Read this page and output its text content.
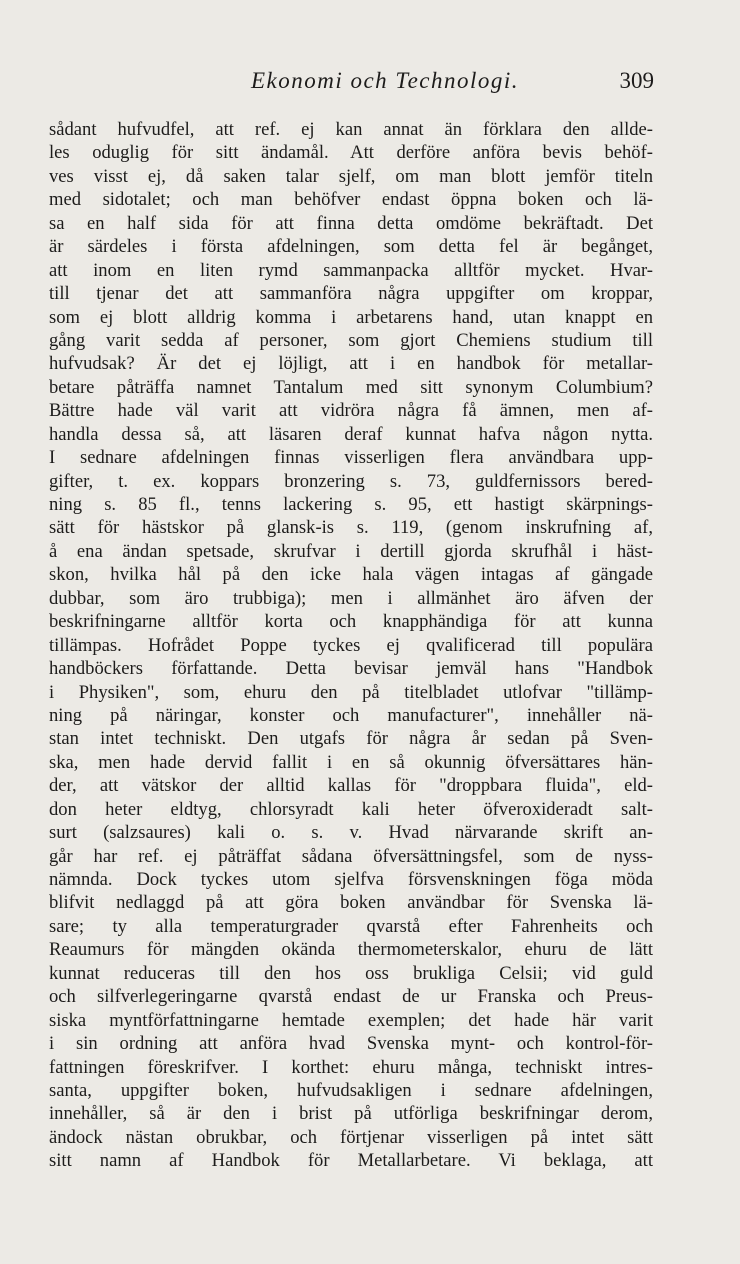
Ekonomi och Technologi.	309
sådant hufvudfel, att ref. ej kan annat än förklara den allde-
les oduglig för sitt ändamål. Att derföre anföra bevis behöf-
ves visst ej, då saken talar sjelf, om man blott jemför titeln
med sidotalet; och man behöfver endast öppna boken och lä-
sa en half sida för att finna detta omdöme bekräftadt. Det
är särdeles i första afdelningen, som detta fel är begånget,
att inom en liten rymd sammanpacka alltför mycket. Hvar-
till tjenar det att sammanföra några uppgifter om kroppar,
som ej blott alldrig komma i arbetarens hand, utan knappt en
gång varit sedda af personer, som gjort Chemiens studium till
hufvudsak? Är det ej löjligt, att i en handbok för metallar-
betare påträffa namnet Tantalum med sitt synonym Columbium?
Bättre hade väl varit att vidröra några få ämnen, men af-
handla dessa så, att läsaren deraf kunnat hafva någon nytta.
I sednare afdelningen finnas visserligen flera användbara upp-
gifter, t. ex. koppars bronzering s. 73, guldfernissors bered-
ning s. 85 fl., tenns lackering s. 95, ett hastigt skärpnings-
sätt för hästskor på glansk-is s. 119, (genom inskrufning af,
å ena ändan spetsade, skrufvar i dertill gjorda skrufhål i häst-
skon, hvilka hål på den icke hala vägen intagas af gängade
dubbar, som äro trubbiga); men i allmänhet äro äfven der
beskrifningarne alltför korta och knapphändiga för att kunna
tillämpas. Hofrådet Poppe tyckes ej qvalificerad till populära
handböckers författande. Detta bevisar jemväl hans "Handbok
i Physiken", som, ehuru den på titelbladet utlofvar "tillämp-
ning på näringar, konster och manufacturer", innehåller nä-
stan intet techniskt. Den utgafs för några år sedan på Sven-
ska, men hade dervid fallit i en så okunnig öfversättares hän-
der, att vätskor der alltid kallas för "droppbara fluida", eld-
don heter eldtyg, chlorsyradt kali heter öfveroxideradt salt-
surt (salzsaures) kali o. s. v. Hvad närvarande skrift an-
går har ref. ej påträffat sådana öfversättningsfel, som de nyss-
nämnda. Dock tyckes utom sjelfva försvenskningen föga möda
blifvit nedlaggd på att göra boken användbar för Svenska lä-
sare; ty alla temperaturgrader qvarstå efter Fahrenheits och
Reaumurs för mängden okända thermometerskalor, ehuru de lätt
kunnat reduceras till den hos oss brukliga Celsii; vid guld
och silfverlegeringarne qvarstå endast de ur Franska och Preus-
siska myntförfattningarne hemtade exemplen; det hade här varit
i sin ordning att anföra hvad Svenska mynt- och kontrol-för-
fattningen föreskrifver. I korthet: ehuru många, techniskt intres-
santa, uppgifter boken, hufvudsakligen i sednare afdelningen,
innehåller, så är den i brist på utförliga beskrifningar derom,
ändock nästan obrukbar, och förtjenar visserligen på intet sätt
sitt namn af Handbok för Metallarbetare. Vi beklaga, att
